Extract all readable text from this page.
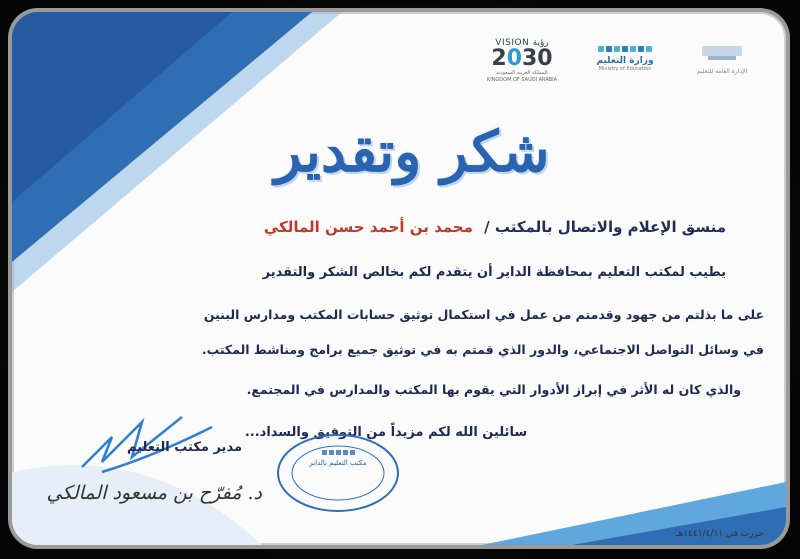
VISION رؤية
2030
المملكة العربية السعودية
KINGDOM OF SAUDI ARABIA
وزارة التعليم
Ministry of Education	الإدارة العامة للتعليم
شكر وتقدير
منسق الإعلام والاتصال بالمكتب / محمد بن أحمد حسن المالكي
يطيب لمكتب التعليم بمحافظة الداير أن يتقدم لكم بخالص الشكر والتقدير
على ما بذلتم من جهود وقدمتم من عمل في استكمال توثيق حسابات المكتب ومدارس البنين
في وسائل التواصل الاجتماعي، والدور الذي قمتم به في توثيق جميع برامج ومناشط المكتب.
والذي كان له الأثر في إبراز الأدوار التي يقوم بها المكتب والمدارس في المجتمع.
سائلين الله لكم مزيداً من التوفيق والسداد...
مدير مكتب التعليم
د. مُفرّح بن مسعود المالكي
مكتب التعليم بالداير
حررت في ١٤٤١/٤/١١هـ
